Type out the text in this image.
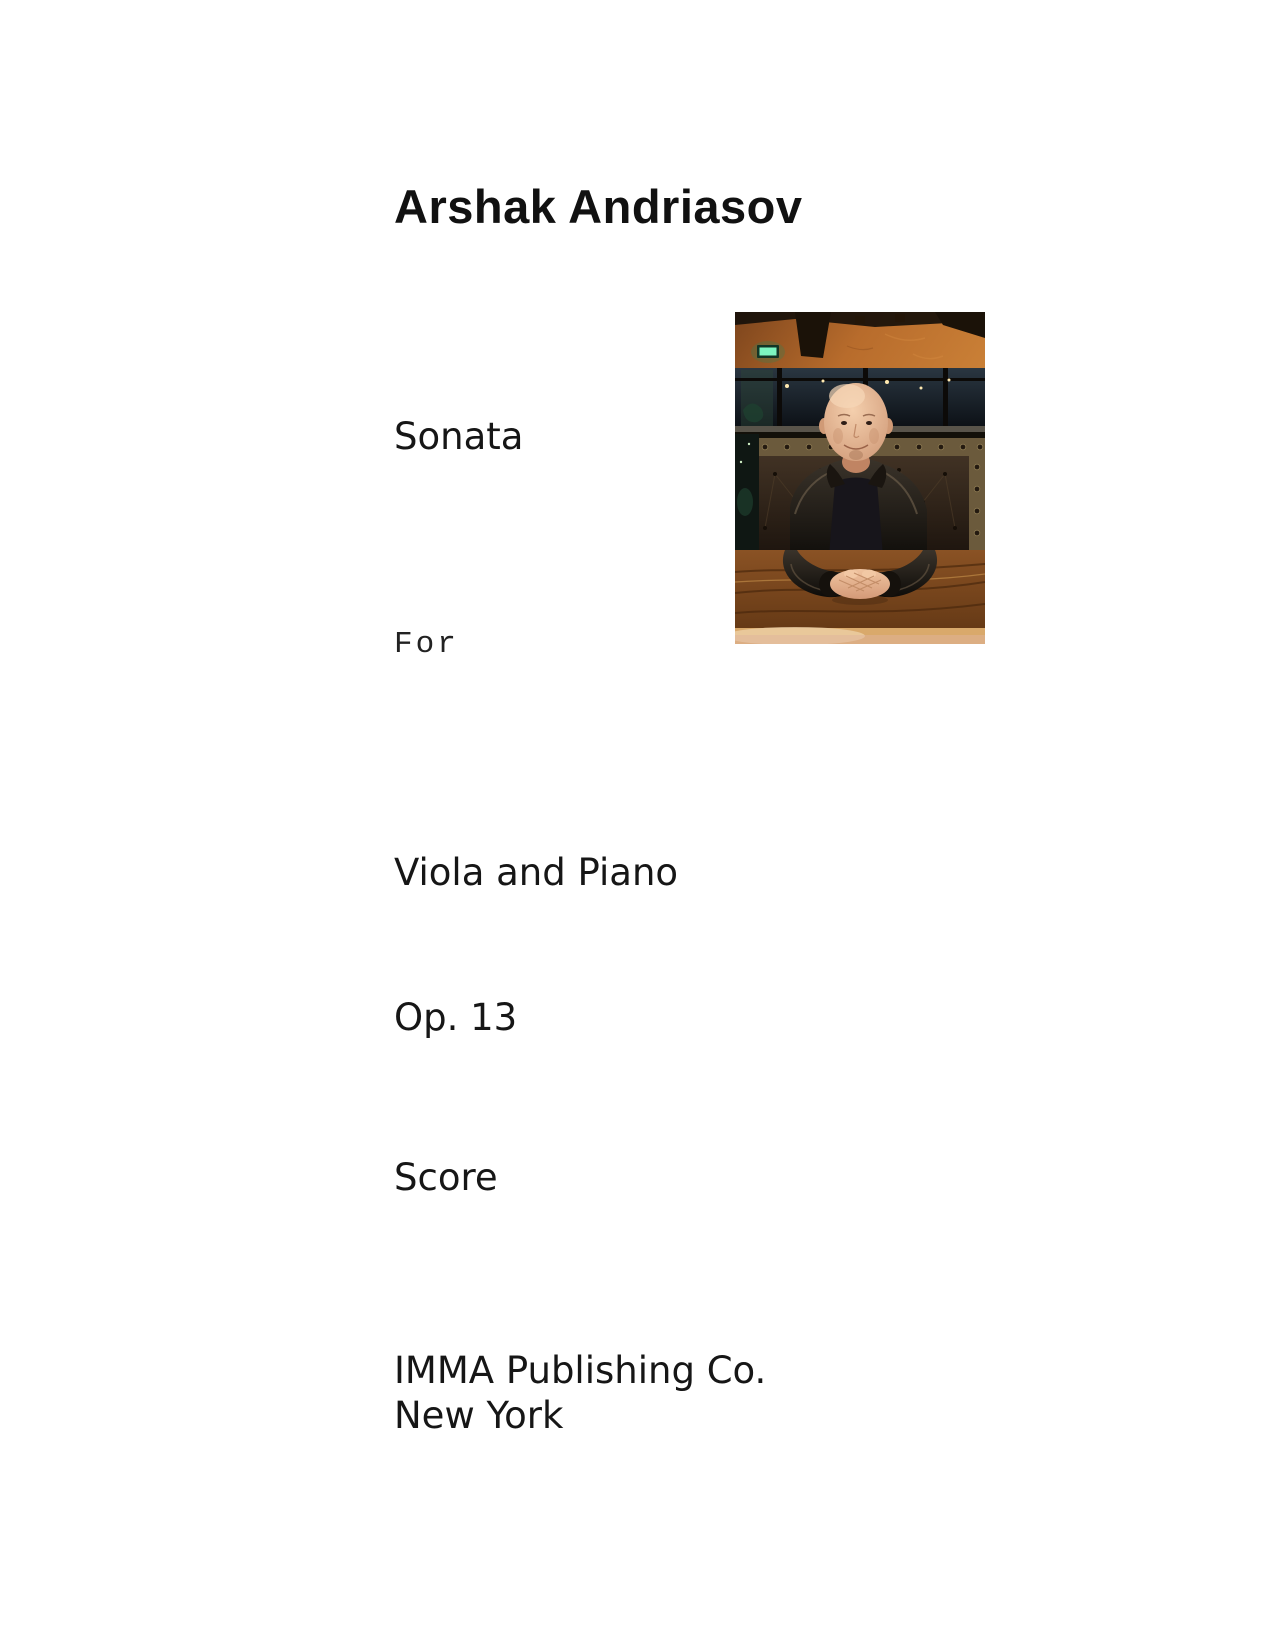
Arshak Andriasov
Sonata
For
Viola and Piano
Op. 13
Score
IMMA Publishing Co.
New York
